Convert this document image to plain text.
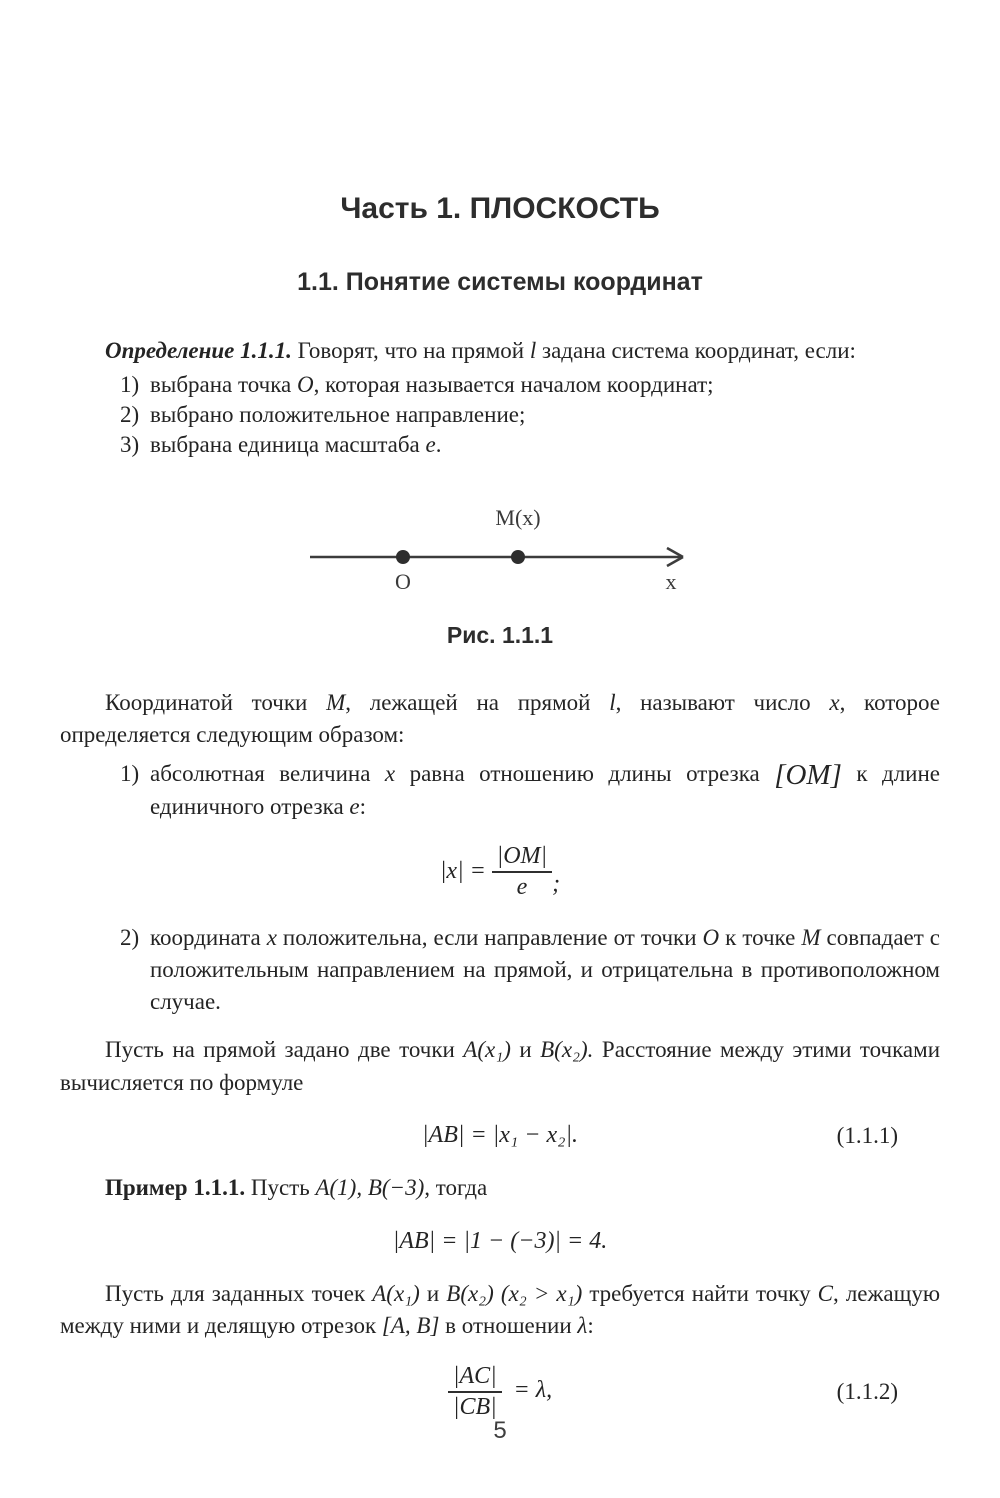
Часть 1. ПЛОСКОСТЬ
1.1. Понятие системы координат

Определение 1.1.1. Говорят, что на прямой l задана система координат, если:

1) выбрана точка O, которая называется началом координат;
2) выбрано положительное направление;
3) выбрана единица масштаба e.
M(x)
O	x
Рис. 1.1.1

Координатой точки M, лежащей на прямой l, называют число x, которое определяется следующим образом:

1) абсолютная величина x равна отношению длины отрезка [OM] к длине единичного отрезка e:
$|x| = \frac{|OM|}{e}$ ;
2) координата x положительна, если направление от точки O к точке M совпадает с положительным направлением на прямой, и отрицательна в противоположном случае.

Пусть на прямой задано две точки A(x₁) и B(x₂). Расстояние между этими точками вычисляется по формуле

|AB| = |x₁ − x₂|.	(1.1.1)

Пример 1.1.1. Пусть A(1), B(−3), тогда

|AB| = |1 − (−3)| = 4.

Пусть для заданных точек A(x₁) и B(x₂) (x₂ > x₁) требуется найти точку C, лежащую между ними и делящую отрезок [A, B] в отношении λ:

$\frac{|AC|}{|CB|} = \lambda$,	(1.1.2)
5
